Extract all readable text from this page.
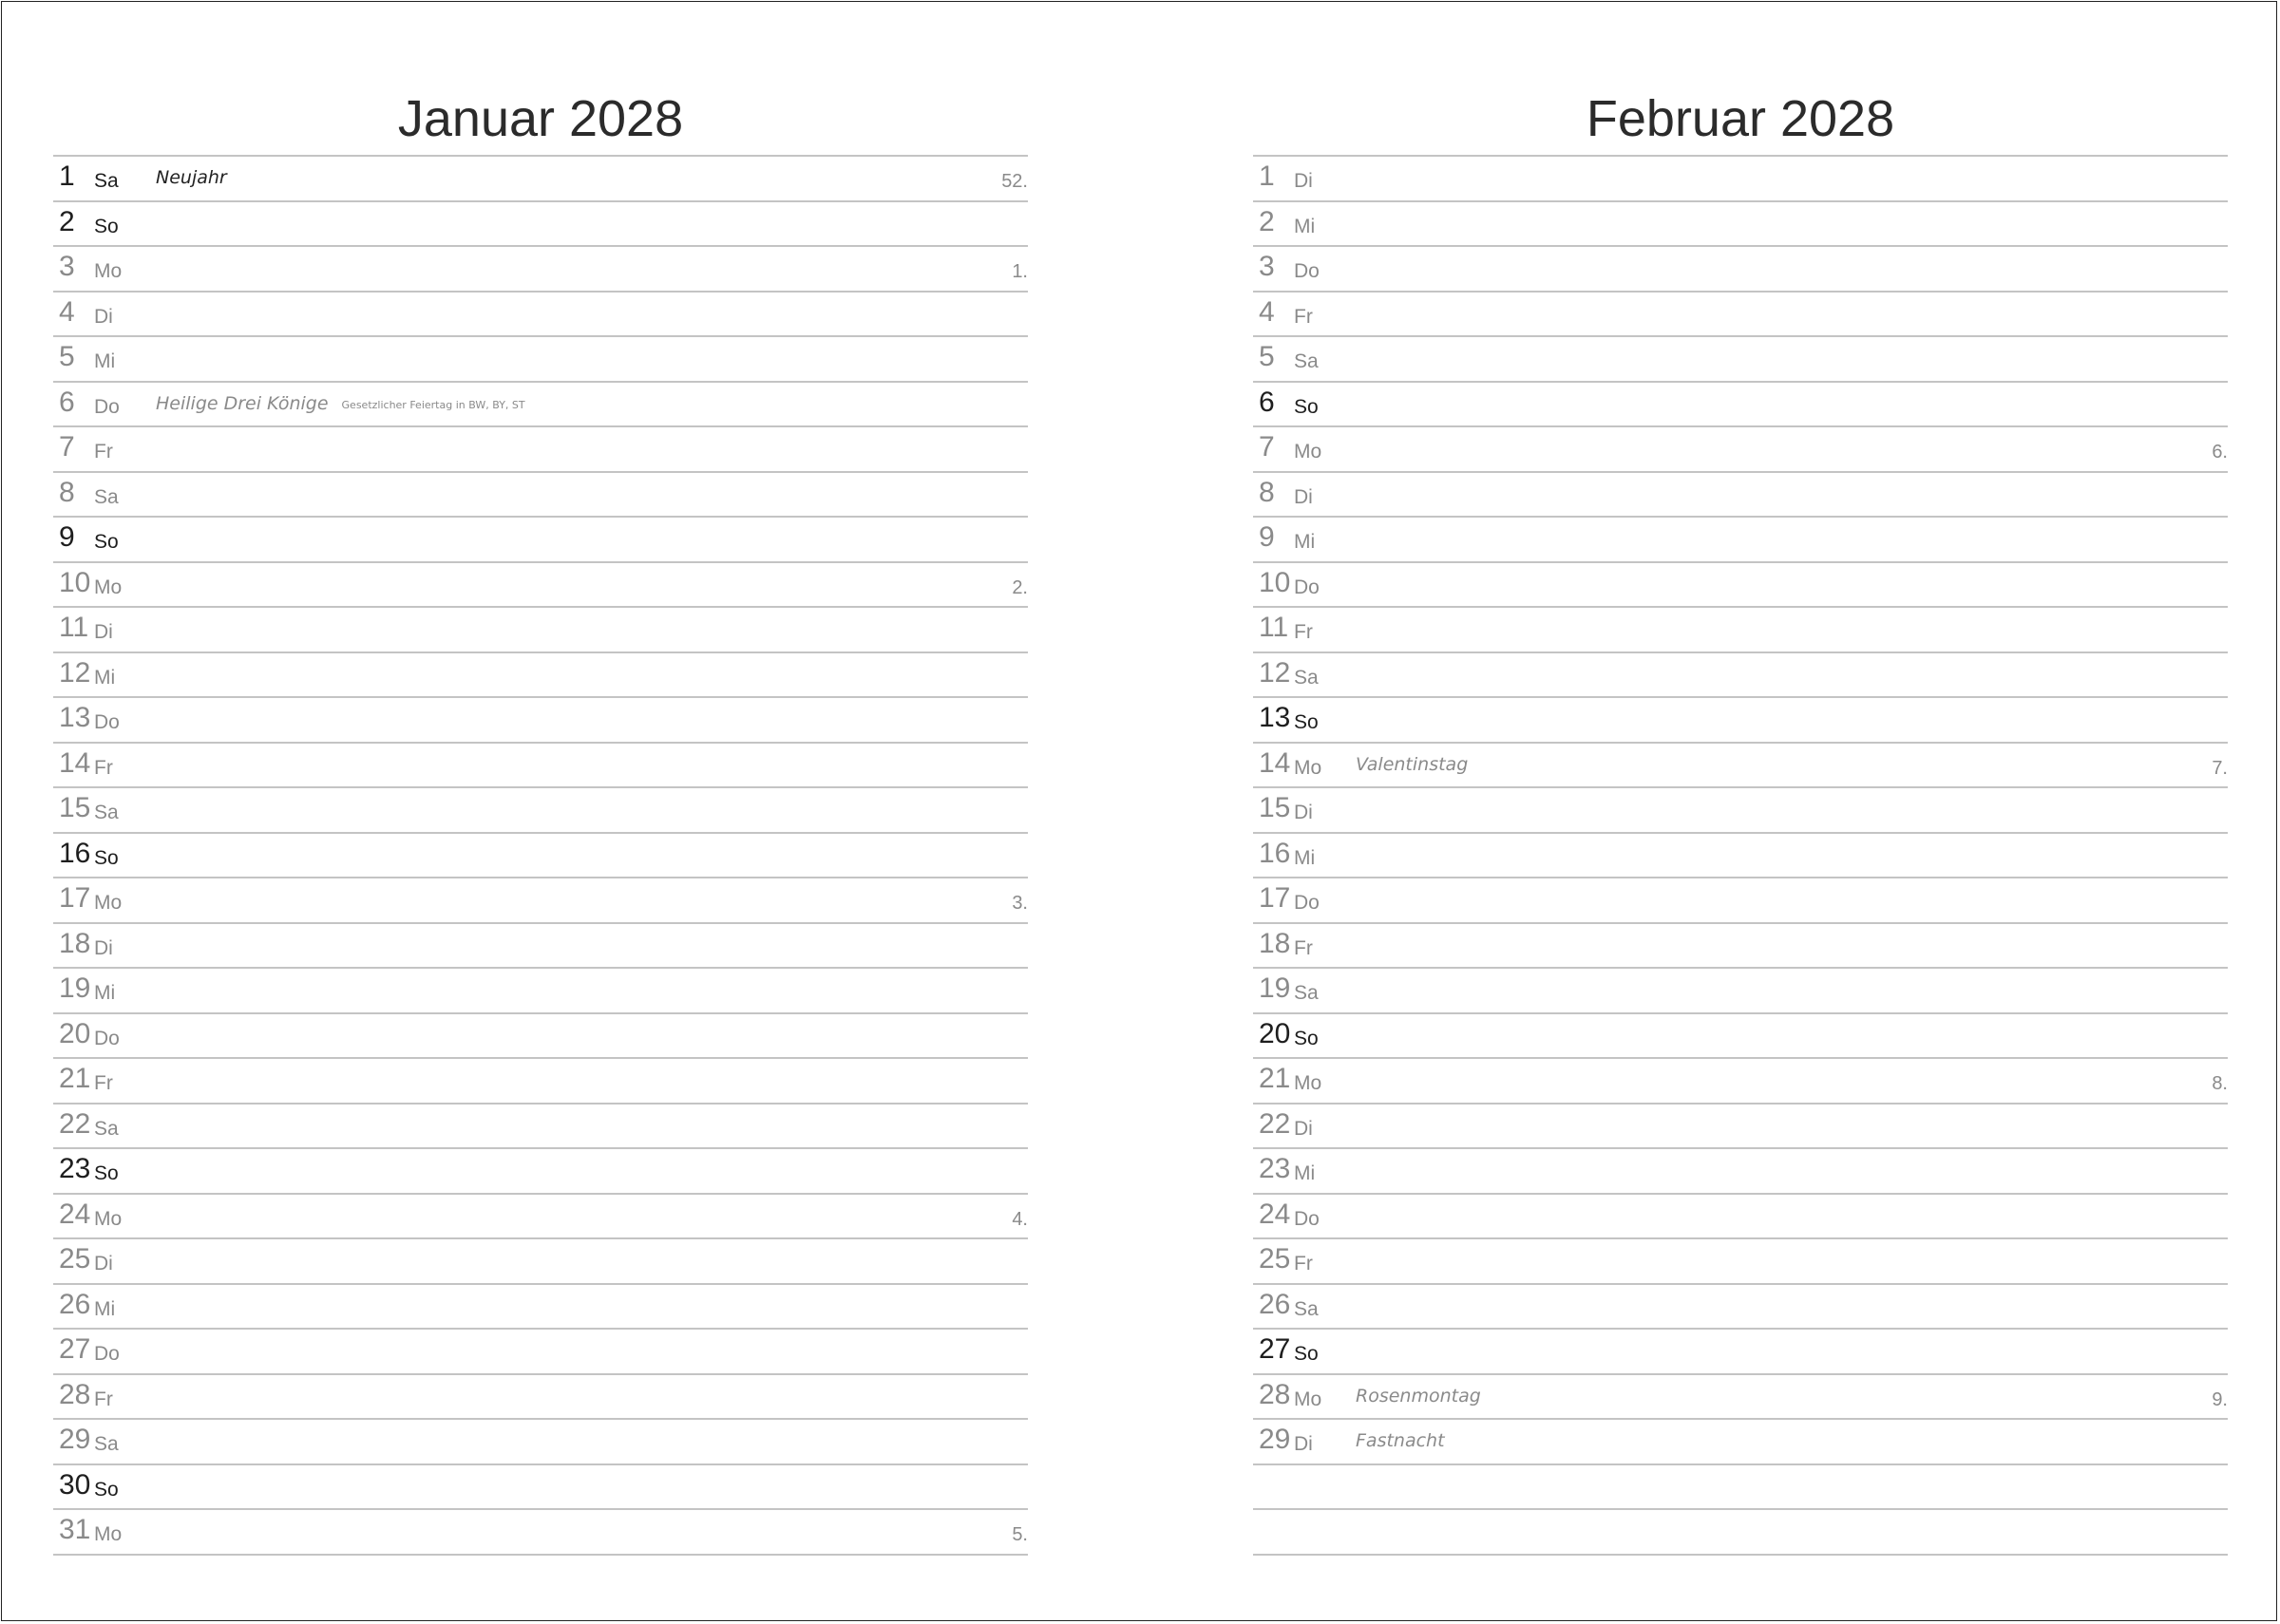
Januar 2028
1 Sa Neujahr	52.
2 So
3 Mo	1.
4 Di
5 Mi
6 Do Heilige Drei Könige Gesetzlicher Feiertag in BW, BY, ST
7 Fr
8 Sa
9 So
10 Mo	2.
11 Di
12 Mi
13 Do
14 Fr
15 Sa
16 So
17 Mo	3.
18 Di
19 Mi
20 Do
21 Fr
22 Sa
23 So
24 Mo	4.
25 Di
26 Mi
27 Do
28 Fr
29 Sa
30 So
31 Mo	5.
Februar 2028
1 Di
2 Mi
3 Do
4 Fr
5 Sa
6 So
7 Mo	6.
8 Di
9 Mi
10 Do
11 Fr
12 Sa
13 So
14 Mo Valentinstag	7.
15 Di
16 Mi
17 Do
18 Fr
19 Sa
20 So
21 Mo	8.
22 Di
23 Mi
24 Do
25 Fr
26 Sa
27 So
28 Mo Rosenmontag	9.
29 Di Fastnacht
